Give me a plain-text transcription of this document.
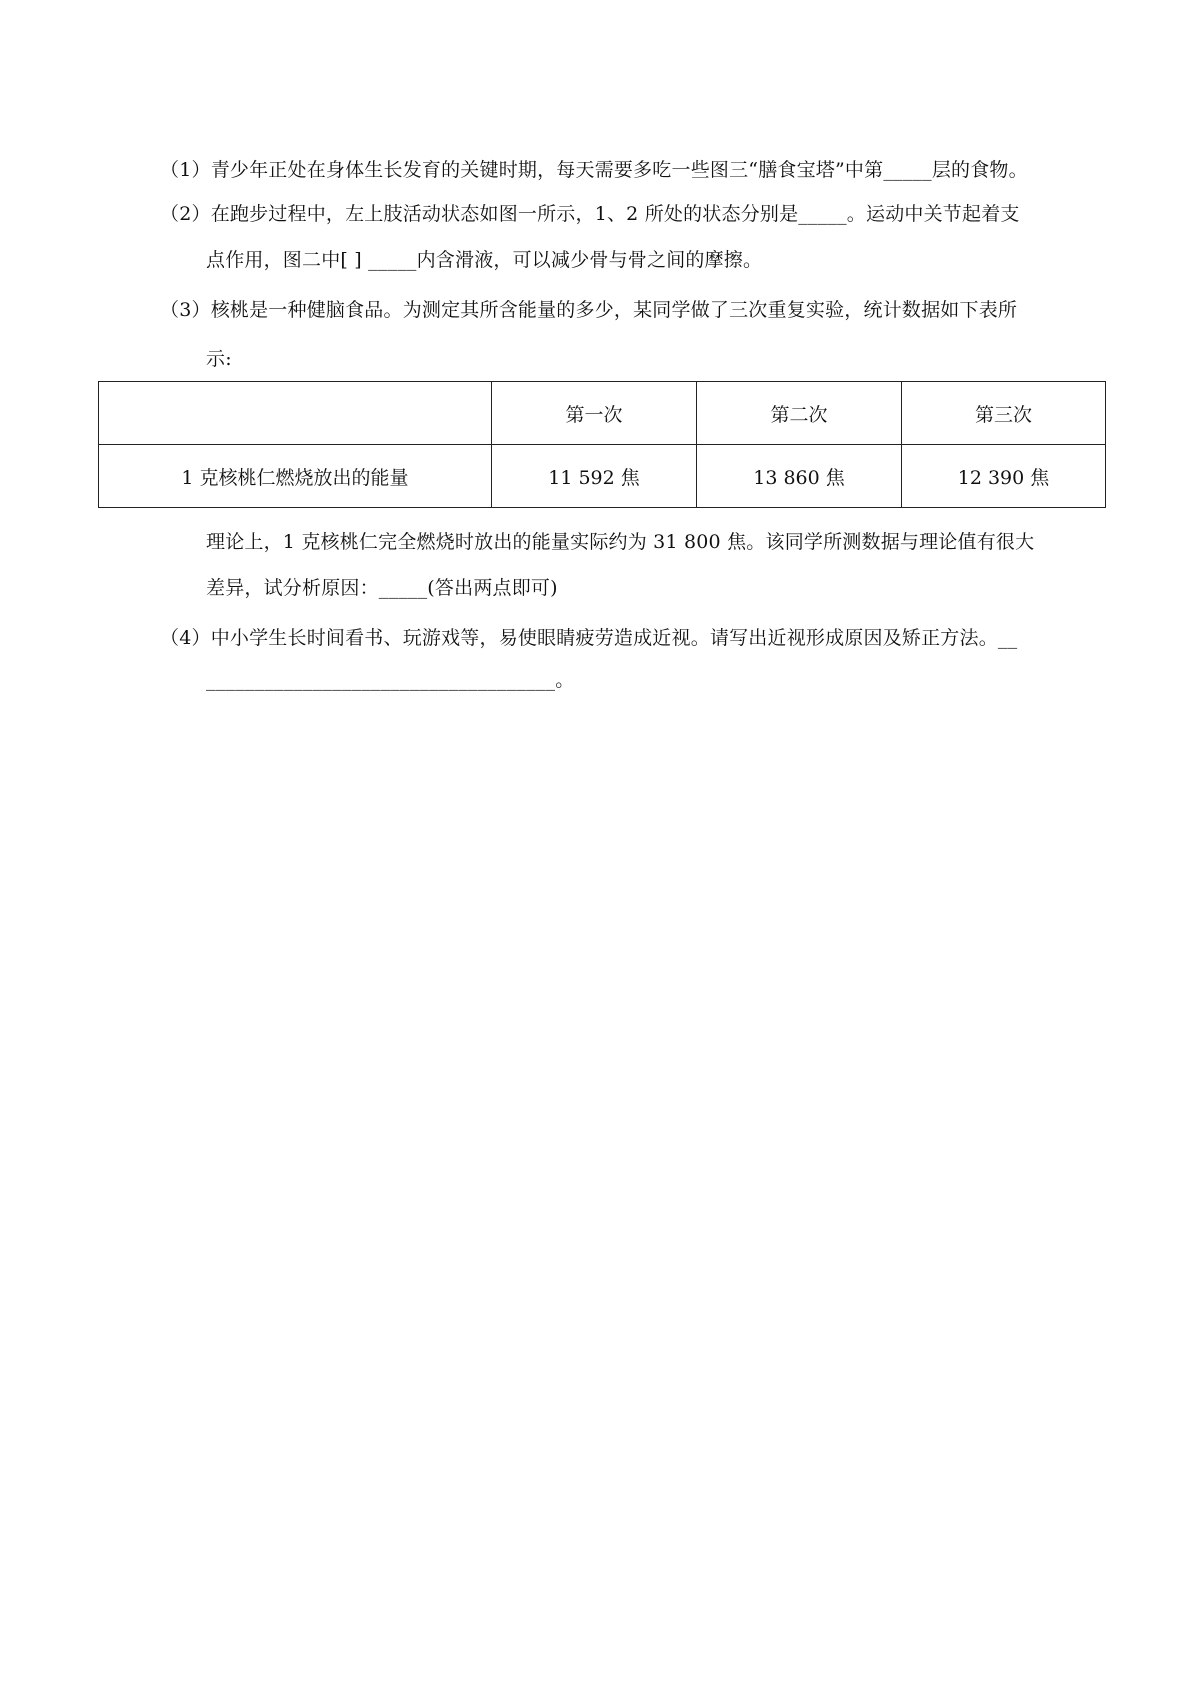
（1）青少年正处在身体生长发育的关键时期，每天需要多吃一些图三“膳食宝塔”中第_____层的食物。
（2）在跑步过程中，左上肢活动状态如图一所示，1、2 所处的状态分别是_____。运动中关节起着支
点作用，图二中[ ] _____内含滑液，可以减少骨与骨之间的摩擦。
（3）核桃是一种健脑食品。为测定其所含能量的多少，某同学做了三次重复实验，统计数据如下表所
示:
	第一次	第二次	第三次
1 克核桃仁燃烧放出的能量	11 592 焦	13 860 焦	12 390 焦
理论上，1 克核桃仁完全燃烧时放出的能量实际约为 31 800 焦。该同学所测数据与理论值有很大
差异，试分析原因：_____(答出两点即可)
（4）中小学生长时间看书、玩游戏等，易使眼睛疲劳造成近视。请写出近视形成原因及矫正方法。__
____________________________________。
